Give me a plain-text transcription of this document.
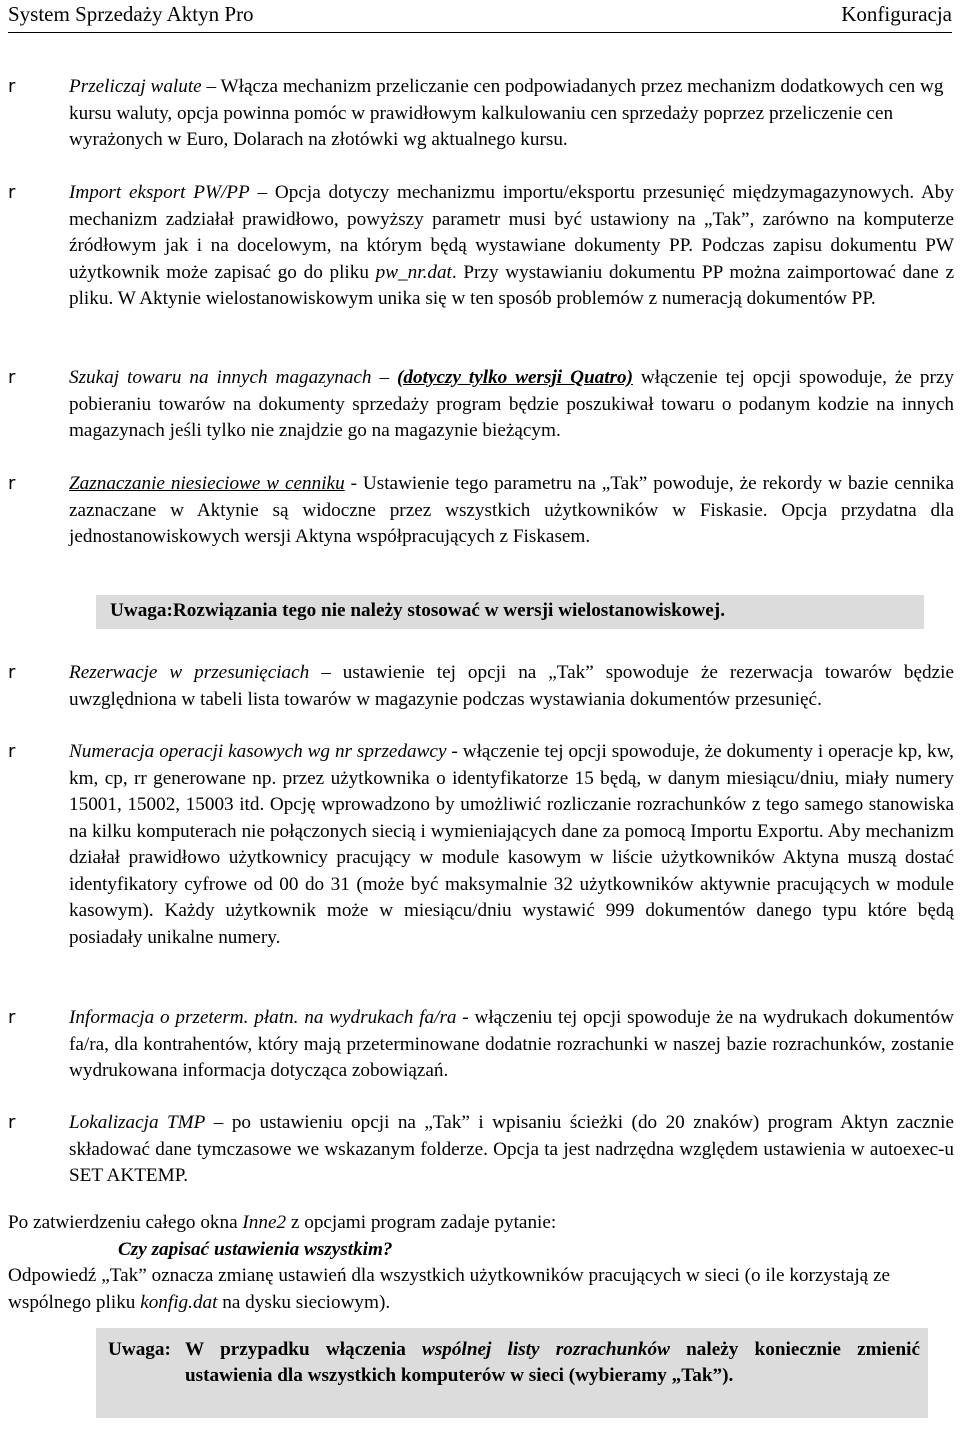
System Sprzedaży Aktyn Pro	Konfiguracja
r	Przeliczaj walute – Włącza mechanizm przeliczanie cen podpowiadanych przez mechanizm dodatkowych cen wg kursu waluty, opcja powinna pomóc w prawidłowym kalkulowaniu cen sprzedaży poprzez przeliczenie cen wyrażonych w Euro, Dolarach na złotówki wg aktualnego kursu.
r	Import eksport PW/PP – Opcja dotyczy mechanizmu importu/eksportu przesunięć międzymagazynowych. Aby mechanizm zadziałał prawidłowo, powyższy parametr musi być ustawiony na „Tak”, zarówno na komputerze źródłowym jak i na docelowym, na którym będą wystawiane dokumenty PP. Podczas zapisu dokumentu PW użytkownik może zapisać go do pliku pw_nr.dat. Przy wystawianiu dokumentu PP można zaimportować dane z pliku. W Aktynie wielostanowiskowym unika się w ten sposób problemów z numeracją dokumentów PP.
r	Szukaj towaru na innych magazynach – (dotyczy tylko wersji Quatro) włączenie tej opcji spowoduje, że przy pobieraniu towarów na dokumenty sprzedaży program będzie poszukiwał towaru o podanym kodzie na innych magazynach jeśli tylko nie znajdzie go na magazynie bieżącym.
r	Zaznaczanie niesieciowe w cenniku - Ustawienie tego parametru na „Tak” powoduje, że rekordy w bazie cennika zaznaczane w Aktynie są widoczne przez wszystkich użytkowników w Fiskasie. Opcja przydatna dla jednostanowiskowych wersji Aktyna współpracujących z Fiskasem.
Uwaga:Rozwiązania tego nie należy stosować w wersji wielostanowiskowej.
r	Rezerwacje w przesunięciach – ustawienie tej opcji na „Tak” spowoduje że rezerwacja towarów będzie uwzględniona w tabeli lista towarów w magazynie podczas wystawiania dokumentów przesunięć.
r	Numeracja operacji kasowych wg nr sprzedawcy - włączenie tej opcji spowoduje, że dokumenty i operacje kp, kw, km, cp, rr generowane np. przez użytkownika o identyfikatorze 15 będą, w danym miesiącu/dniu, miały numery 15001, 15002, 15003 itd. Opcję wprowadzono by umożliwić rozliczanie rozrachunków z tego samego stanowiska na kilku komputerach nie połączonych siecią i wymieniających dane za pomocą Importu Exportu. Aby mechanizm działał prawidłowo użytkownicy pracujący w module kasowym w liście użytkowników Aktyna muszą dostać identyfikatory cyfrowe od 00 do 31 (może być maksymalnie 32 użytkowników aktywnie pracujących w module kasowym). Każdy użytkownik może w miesiącu/dniu wystawić 999 dokumentów danego typu które będą posiadały unikalne numery.
r	Informacja o przeterm. płatn. na wydrukach fa/ra - włączeniu tej opcji spowoduje że na wydrukach dokumentów fa/ra, dla kontrahentów, który mają przeterminowane dodatnie rozrachunki w naszej bazie rozrachunków, zostanie wydrukowana informacja dotycząca zobowiązań.
r	Lokalizacja TMP – po ustawieniu opcji na „Tak” i wpisaniu ścieżki (do 20 znaków) program Aktyn zacznie składować dane tymczasowe we wskazanym folderze. Opcja ta jest nadrzędna względem ustawienia w autoexec-u SET AKTEMP.
Po zatwierdzeniu całego okna Inne2 z opcjami program zadaje pytanie:
Czy zapisać ustawienia wszystkim?
Odpowiedź „Tak” oznacza zmianę ustawień dla wszystkich użytkowników pracujących w sieci (o ile korzystają ze wspólnego pliku konfig.dat na dysku sieciowym).
Uwaga: W przypadku włączenia wspólnej listy rozrachunków należy koniecznie zmienić ustawienia dla wszystkich komputerów w sieci (wybieramy „Tak”).
